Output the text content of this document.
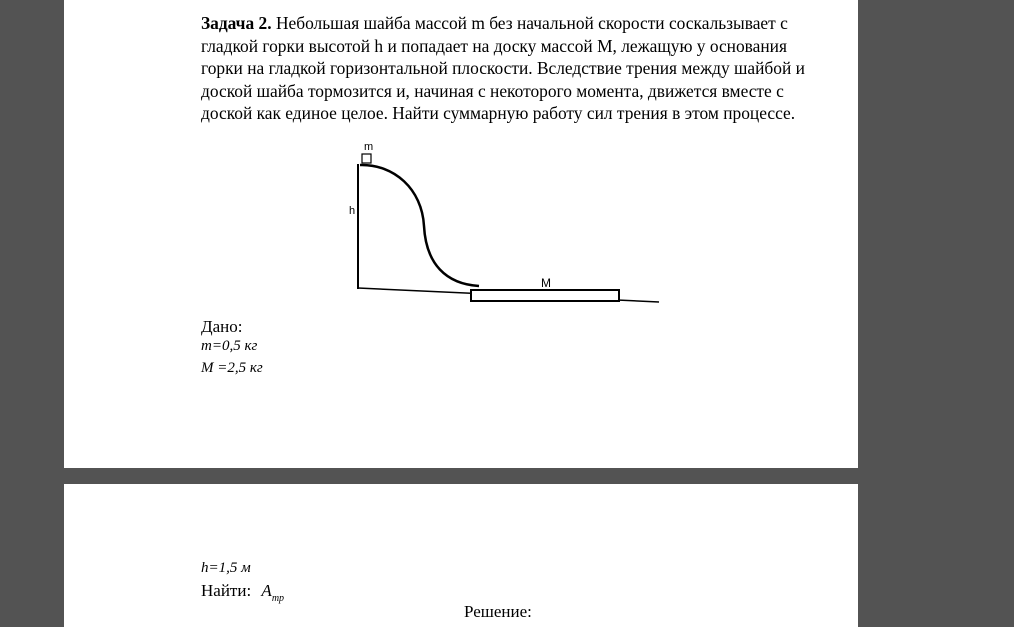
Задача 2. Небольшая шайба массой m без начальной скорости соскальзывает с гладкой горки высотой h и попадает на доску массой M, лежащую у основания горки на гладкой горизонтальной плоскости. Вследствие трения между шайбой и доской шайба тормозится и, начиная с некоторого момента, движется вместе с доской как единое целое. Найти суммарную работу сил трения в этом процессе.
m
h
M
Дано:
m=0,5 кг
M =2,5 кг
h=1,5 м
Найти: $A_{тр}$
Решение:
